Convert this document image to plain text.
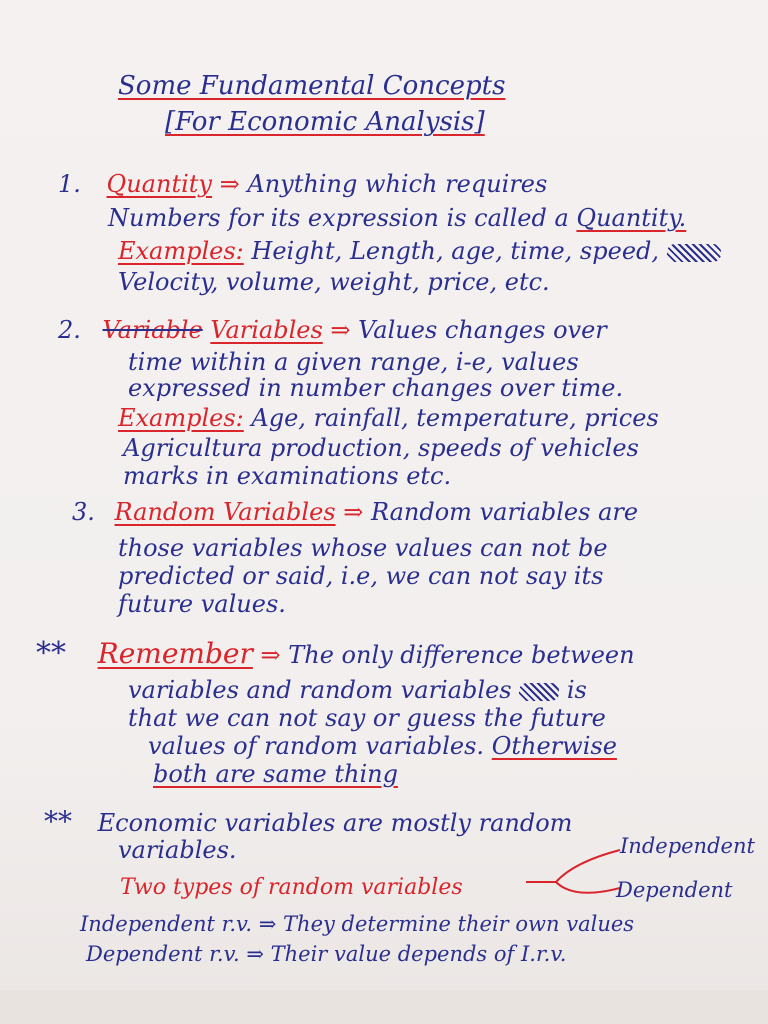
Some Fundamental Concepts
[For Economic Analysis]
1. Quantity ⇒ Anything which requires
Numbers for its expression is called a Quantity.
Examples: Height, Length, age, time, speed,
Velocity, volume, weight, price, etc.
2. Variable Variables ⇒ Values changes over
time within a given range, i-e, values
expressed in number changes over time.
Examples: Age, rainfall, temperature, prices
Agricultura production, speeds of vehicles
marks in examinations etc.
3. Random Variables ⇒ Random variables are
those variables whose values can not be
predicted or said, i.e, we can not say its
future values.
** Remember ⇒ The only difference between
variables and random variables is
that we can not say or guess the future
values of random variables. Otherwise
both are same thing
** Economic variables are mostly random
variables.	Independent
Two types of random variables	Dependent
Independent r.v. ⇒ They determine their own values
Dependent r.v. ⇒ Their value depends of I.r.v.
